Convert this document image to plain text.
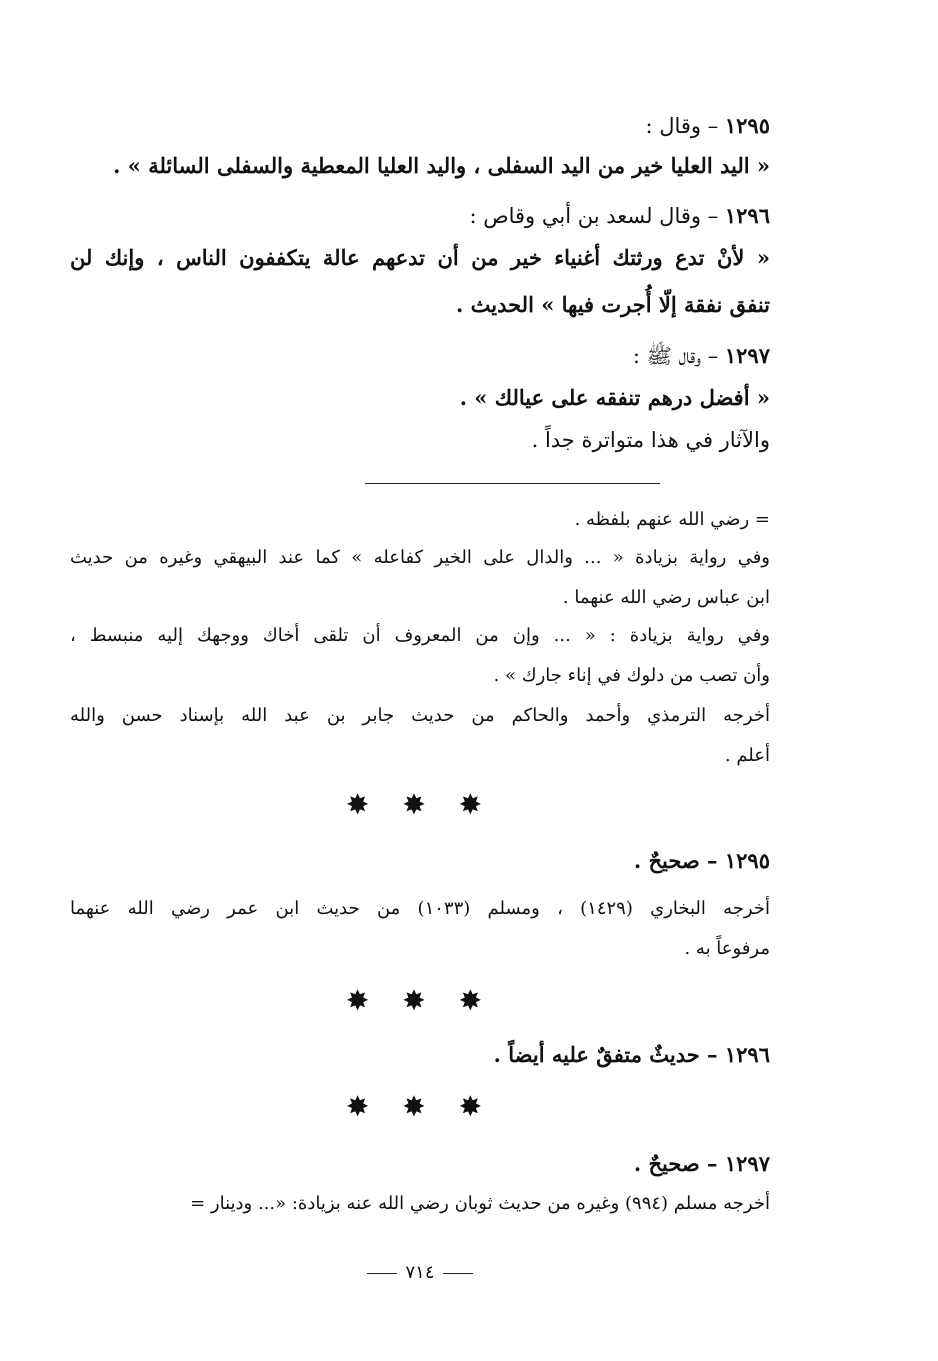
١٢٩٥ – وقال :
« اليد العليا خير من اليد السفلى ، واليد العليا المعطية والسفلى السائلة » .
١٢٩٦ – وقال لسعد بن أبي وقاص :
« لأنْ تدع ورثتك أغنياء خير من أن تدعهم عالة يتكففون الناس ، وإنك لن
تنفق نفقة إلّا أُجرت فيها » الحديث .
١٢٩٧ – وقال ﷺ :
« أفضل درهم تنفقه على عيالك » .
والآثار في هذا متواترة جداً .
= رضي الله عنهم بلفظه .
وفي رواية بزيادة « ... والدال على الخير كفاعله » كما عند البيهقي وغيره من حديث
ابن عباس رضي الله عنهما .
وفي رواية بزيادة : « ... وإن من المعروف أن تلقى أخاك ووجهك إليه منبسط ،
وأن تصب من دلوك في إناء جارك » .
أخرجه الترمذي وأحمد والحاكم من حديث جابر بن عبد الله بإسناد حسن والله
أعلم .
✸ ✸ ✸
١٢٩٥ – صحيحٌ .
أخرجه البخاري (١٤٢٩) ، ومسلم (١٠٣٣) من حديث ابن عمر رضي الله عنهما
مرفوعاً به .
✸ ✸ ✸
١٢٩٦ – حديثٌ متفقٌ عليه أيضاً .
✸ ✸ ✸
١٢٩٧ – صحيحٌ .
أخرجه مسلم (٩٩٤) وغيره من حديث ثوبان رضي الله عنه بزيادة: «... ودينار =
٧١٤
